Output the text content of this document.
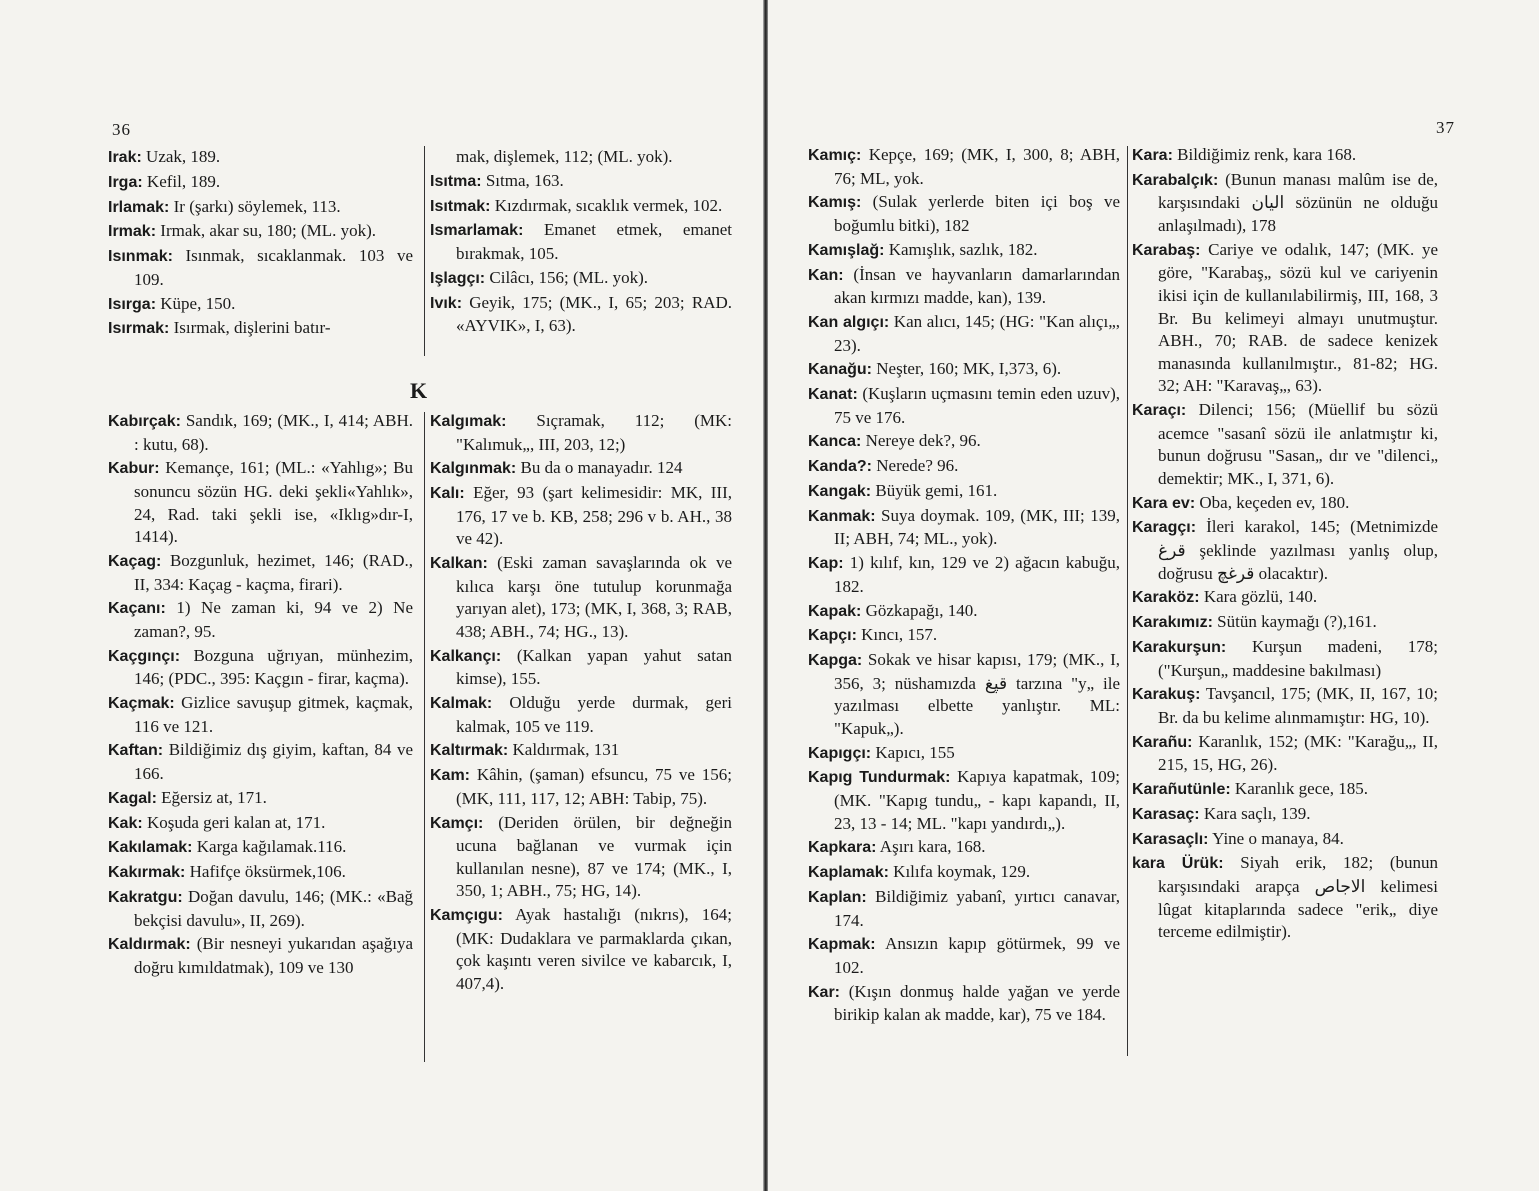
36
Irak: Uzak, 189.
Irga: Kefil, 189.
Irlamak: Ir (şarkı) söylemek, 113.
Irmak: Irmak, akar su, 180; (ML. yok).
Isınmak: Isınmak, sıcaklanmak. 103 ve 109.
Isırga: Küpe, 150.
Isırmak: Isırmak, dişlerini batır-
mak, dişlemek, 112; (ML. yok).
Isıtma: Sıtma, 163.
Isıtmak: Kızdırmak, sıcaklık vermek, 102.
Ismarlamak: Emanet etmek, emanet bırakmak, 105.
Işlagçı: Cilâcı, 156; (ML. yok).
Ivık: Geyik, 175; (MK., I, 65; 203; RAD. «AYVIK», I, 63).
K
Kabırçak: Sandık, 169; (MK., I, 414; ABH. : kutu, 68).
Kabur: Kemançe, 161; (ML.: «Yahlıg»; Bu sonuncu sözün HG. deki şekli«Yahlık», 24, Rad. taki şekli ise, «Iklıg»dır-I, 1414).
Kaçag: Bozgunluk, hezimet, 146; (RAD., II, 334: Kaçag - kaçma, firari).
Kaçanı: 1) Ne zaman ki, 94 ve 2) Ne zaman?, 95.
Kaçgınçı: Bozguna uğrıyan, münhezim, 146; (PDC., 395: Kaçgın - firar, kaçma).
Kaçmak: Gizlice savuşup gitmek, kaçmak, 116 ve 121.
Kaftan: Bildiğimiz dış giyim, kaftan, 84 ve 166.
Kagal: Eğersiz at, 171.
Kak: Koşuda geri kalan at, 171.
Kakılamak: Karga kağılamak.116.
Kakırmak: Hafifçe öksürmek,106.
Kakratgu: Doğan davulu, 146; (MK.: «Bağ bekçisi davulu», II, 269).
Kaldırmak: (Bir nesneyi yukarıdan aşağıya doğru kımıldatmak), 109 ve 130
Kalgımak: Sıçramak, 112; (MK: "Kalımuk„, III, 203, 12;)
Kalgınmak: Bu da o manayadır. 124
Kalı: Eğer, 93 (şart kelimesidir: MK, III, 176, 17 ve b. KB, 258; 296 v b. AH., 38 ve 42).
Kalkan: (Eski zaman savaşlarında ok ve kılıca karşı öne tutulup korunmağa yarıyan alet), 173; (MK, I, 368, 3; RAB, 438; ABH., 74; HG., 13).
Kalkançı: (Kalkan yapan yahut satan kimse), 155.
Kalmak: Olduğu yerde durmak, geri kalmak, 105 ve 119.
Kaltırmak: Kaldırmak, 131
Kam: Kâhin, (şaman) efsuncu, 75 ve 156; (MK, 111, 117, 12; ABH: Tabip, 75).
Kamçı: (Deriden örülen, bir değneğin ucuna bağlanan ve vurmak için kullanılan nesne), 87 ve 174; (MK., I, 350, 1; ABH., 75; HG, 14).
Kamçıgu: Ayak hastalığı (nıkrıs), 164; (MK: Dudaklara ve parmaklarda çıkan, çok kaşıntı veren sivilce ve kabarcık, I, 407,4).
37
Kamıç: Kepçe, 169; (MK, I, 300, 8; ABH, 76; ML, yok.
Kamış: (Sulak yerlerde biten içi boş ve boğumlu bitki), 182
Kamışlağ: Kamışlık, sazlık, 182.
Kan: (İnsan ve hayvanların damarlarından akan kırmızı madde, kan), 139.
Kan algıçı: Kan alıcı, 145; (HG: "Kan alıçı„, 23).
Kanağu: Neşter, 160; MK, I,373, 6).
Kanat: (Kuşların uçmasını temin eden uzuv), 75 ve 176.
Kanca: Nereye dek?, 96.
Kanda?: Nerede? 96.
Kangak: Büyük gemi, 161.
Kanmak: Suya doymak. 109, (MK, III; 139, II; ABH, 74; ML., yok).
Kap: 1) kılıf, kın, 129 ve 2) ağacın kabuğu, 182.
Kapak: Gözkapağı, 140.
Kapçı: Kıncı, 157.
Kapga: Sokak ve hisar kapısı, 179; (MK., I, 356, 3; nüshamızda قپغ tarzına "y„ ile yazılması elbette yanlıştır. ML: "Kapuk„).
Kapıgçı: Kapıcı, 155
Kapıg Tundurmak: Kapıya kapatmak, 109; (MK. "Kapıg tundu„ - kapı kapandı, II, 23, 13 - 14; ML. "kapı yandırdı„).
Kapkara: Aşırı kara, 168.
Kaplamak: Kılıfa koymak, 129.
Kaplan: Bildiğimiz yabanî, yırtıcı canavar, 174.
Kapmak: Ansızın kapıp götürmek, 99 ve 102.
Kar: (Kışın donmuş halde yağan ve yerde birikip kalan ak madde, kar), 75 ve 184.
Kara: Bildiğimiz renk, kara 168.
Karabalçık: (Bunun manası malûm ise de, karşısındaki الیان sözünün ne olduğu anlaşılmadı), 178
Karabaş: Cariye ve odalık, 147; (MK. ye göre, "Karabaş„ sözü kul ve cariyenin ikisi için de kullanılabilirmiş, III, 168, 3 Br. Bu kelimeyi almayı unutmuştur. ABH., 70; RAB. de sadece kenizek manasında kullanılmıştır., 81-82; HG. 32; AH: "Karavaş„, 63).
Karaçı: Dilenci; 156; (Müellif bu sözü acemce "sasanî sözü ile anlatmıştır ki, bunun doğrusu "Sasan„ dır ve "dilenci„ demektir; MK., I, 371, 6).
Kara ev: Oba, keçeden ev, 180.
Karagçı: İleri karakol, 145; (Metnimizde قرغ şeklinde yazılması yanlış olup, doğrusu قرغچ olacaktır).
Karaköz: Kara gözlü, 140.
Karakımız: Sütün kaymağı (?),161.
Karakurşun: Kurşun madeni, 178; ("Kurşun„ maddesine bakılması)
Karakuş: Tavşancıl, 175; (MK, II, 167, 10; Br. da bu kelime alınmamıştır: HG, 10).
Karañu: Karanlık, 152; (MK: "Karağu„, II, 215, 15, HG, 26).
Karañutünle: Karanlık gece, 185.
Karasaç: Kara saçlı, 139.
Karasaçlı: Yine o manaya, 84.
kara Ürük: Siyah erik, 182; (bunun karşısındaki arapça الاجاص kelimesi lûgat kitaplarında sadece "erik„ diye terceme edilmiştir).
